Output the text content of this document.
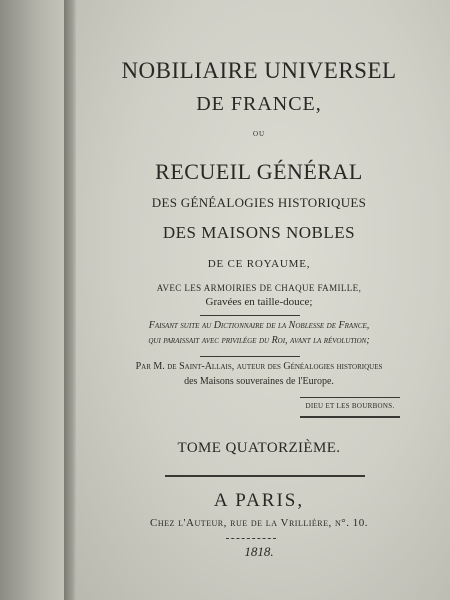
NOBILIAIRE UNIVERSEL
DE FRANCE,
OU
RECUEIL GÉNÉRAL
DES GÉNÉALOGIES HISTORIQUES
DES MAISONS NOBLES
DE CE ROYAUME,
AVEC LES ARMOIRIES DE CHAQUE FAMILLE,
Gravées en taille-douce;
Faisant suite au Dictionnaire de la Noblesse de France,
qui paraissait avec privilége du Roi, avant la révolution;
Par M. de Saint-Allais, auteur des Généalogies historiques
des Maisons souveraines de l'Europe.
DIEU ET LES BOURBONS.
TOME QUATORZIÈME.
A PARIS,
Chez l'Auteur, rue de la Vrillière, n°. 10.
1818.
